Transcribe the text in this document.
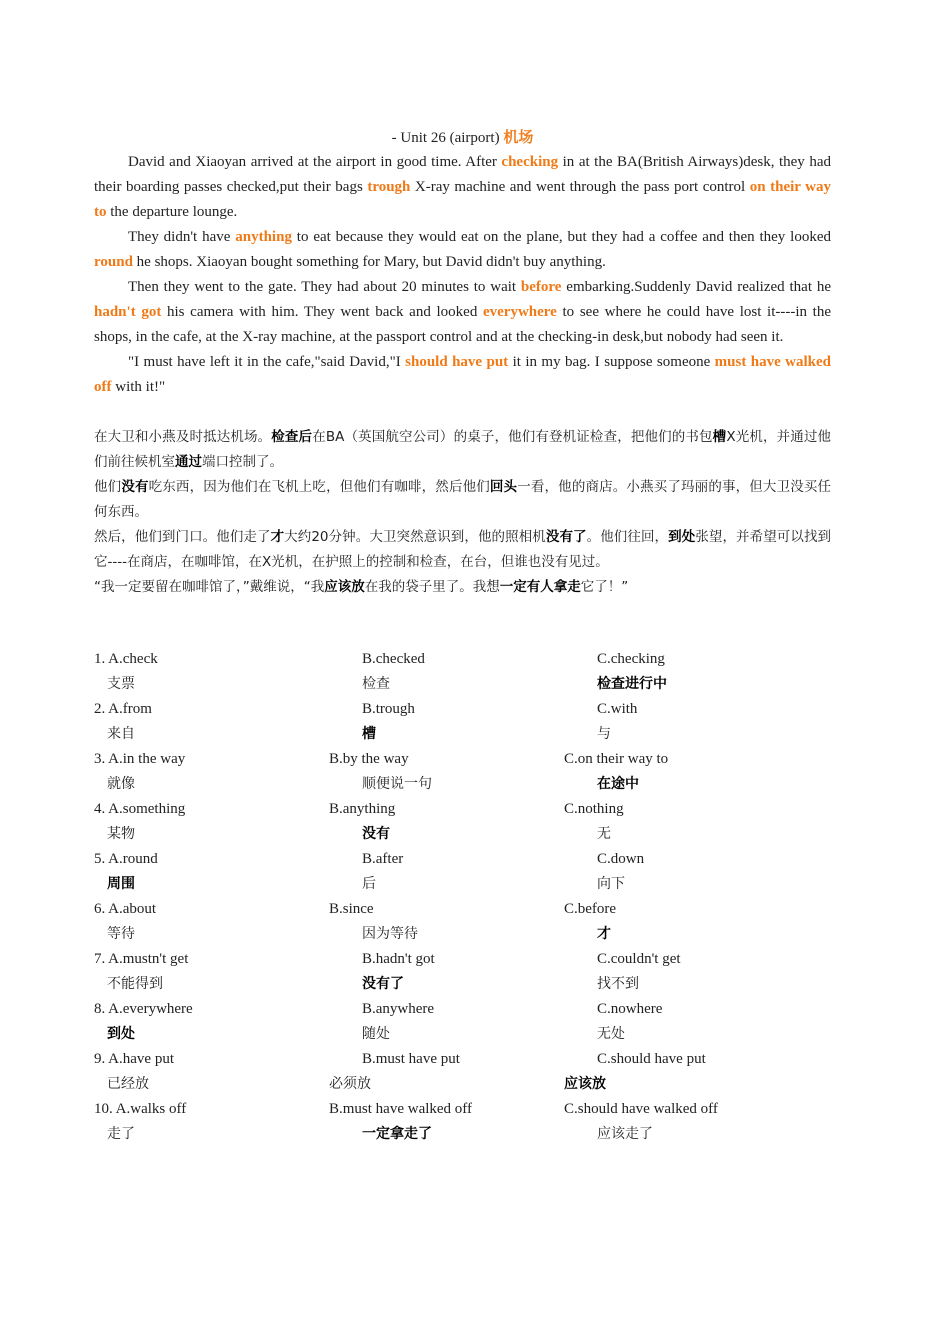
- Unit 26 (airport) 机场

David and Xiaoyan arrived at the airport in good time. After checking in at the BA(British Airways)desk, they had their boarding passes checked,put their bags trough X-ray machine and went through the pass port control on their way to the departure lounge.

They didn't have anything to eat because they would eat on the plane, but they had a coffee and then they looked round he shops. Xiaoyan bought something for Mary, but David didn't buy anything.

Then they went to the gate. They had about 20 minutes to wait before embarking.Suddenly David realized that he hadn't got his camera with him. They went back and looked everywhere to see where he could have lost it----in the shops, in the cafe, at the X-ray machine, at the passport control and at the checking-in desk,but nobody had seen it.

"I must have left it in the cafe,"said David,"I should have put it in my bag. I suppose someone must have walked off with it!"

在大卫和小燕及时抵达机场。检查后在BA（英国航空公司）的桌子，他们有登机证检查，把他们的书包槽X光机，并通过他们前往候机室通过端口控制了。

他们没有吃东西，因为他们在飞机上吃，但他们有咖啡，然后他们回头一看，他的商店。小燕买了玛丽的事，但大卫没买任何东西。

然后，他们到门口。他们走了才大约20分钟。大卫突然意识到，他的照相机没有了。他们往回，到处张望，并希望可以找到它----在商店，在咖啡馆，在X光机，在护照上的控制和检查，在台，但谁也没有见过。

“我一定要留在咖啡馆了，”戴维说，“我应该放在我的袋子里了。我想一定有人拿走它了！”

1. A.check	B.checked	C.checking
支票	检查	检查进行中
2. A.from	B.trough	C.with
来自	槽	与
3. A.in the way	B.by the way	C.on their way to
就像	顺便说一句	在途中
4. A.something	B.anything	C.nothing
某物	没有	无
5. A.round	B.after	C.down
周围	后	向下
6. A.about	B.since	C.before
等待	因为等待	才
7. A.mustn't get	B.hadn't got	C.couldn't get
不能得到	没有了	找不到
8. A.everywhere	B.anywhere	C.nowhere
到处	随处	无处
9. A.have put	B.must have put	C.should have put
已经放	必须放	应该放
10. A.walks off	B.must have walked off	C.should have walked off
走了	一定拿走了	应该走了
